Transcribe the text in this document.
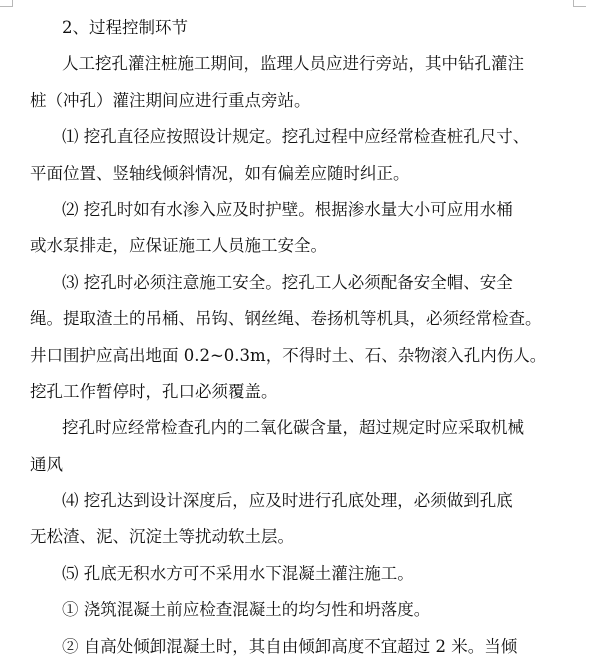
2、过程控制环节
人工挖孔灌注桩施工期间，监理人员应进行旁站，其中钻孔灌注
桩（冲孔）灌注期间应进行重点旁站。
⑴ 挖孔直径应按照设计规定。挖孔过程中应经常检查桩孔尺寸、
平面位置、竖轴线倾斜情况，如有偏差应随时纠正。
⑵ 挖孔时如有水渗入应及时护壁。根据渗水量大小可应用水桶
或水泵排走，应保证施工人员施工安全。
⑶ 挖孔时必须注意施工安全。挖孔工人必须配备安全帽、安全
绳。提取渣土的吊桶、吊钩、钢丝绳、卷扬机等机具，必须经常检查。
井口围护应高出地面 0.2~0.3m，不得时土、石、杂物滚入孔内伤人。
挖孔工作暂停时，孔口必须覆盖。
挖孔时应经常检查孔内的二氧化碳含量，超过规定时应采取机械
通风
⑷ 挖孔达到设计深度后，应及时进行孔底处理，必须做到孔底
无松渣、泥、沉淀土等扰动软土层。
⑸ 孔底无积水方可不采用水下混凝土灌注施工。
① 浇筑混凝土前应检查混凝土的均匀性和坍落度。
② 自高处倾卸混凝土时，其自由倾卸高度不宜超过 2 米。当倾
